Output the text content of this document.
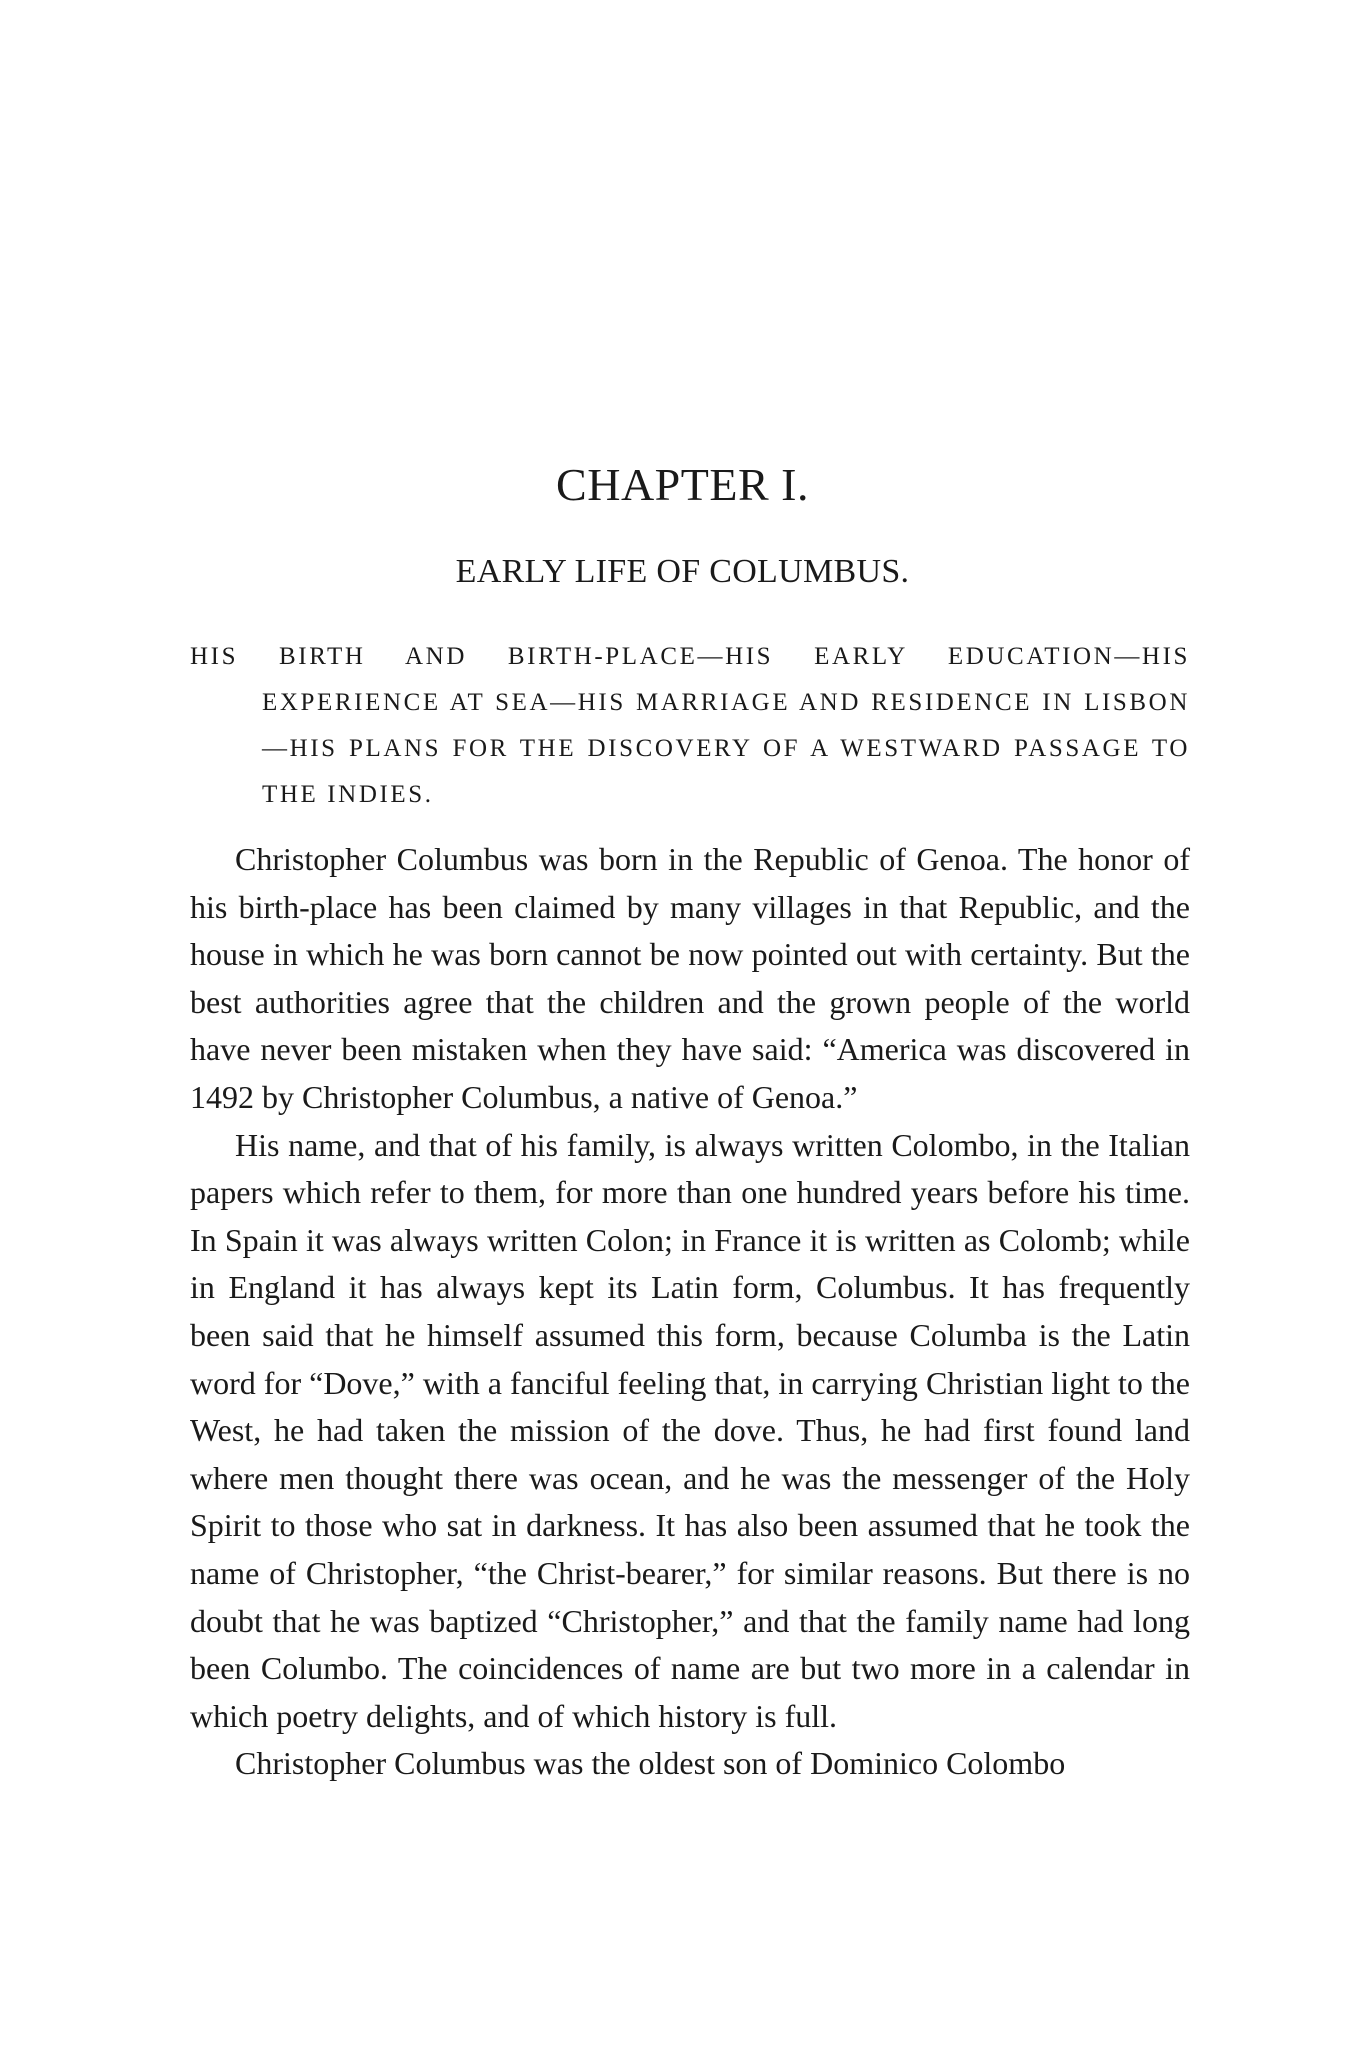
CHAPTER I.
EARLY LIFE OF COLUMBUS.

HIS BIRTH AND BIRTH-PLACE—HIS EARLY EDUCATION—HIS EXPERIENCE AT SEA—HIS MARRIAGE AND RESIDENCE IN LISBON—HIS PLANS FOR THE DISCOVERY OF A WESTWARD PASSAGE TO THE INDIES.

Christopher Columbus was born in the Republic of Genoa. The honor of his birth-place has been claimed by many villages in that Republic, and the house in which he was born cannot be now pointed out with certainty. But the best authorities agree that the children and the grown people of the world have never been mistaken when they have said: “America was discovered in 1492 by Christopher Columbus, a native of Genoa.”

His name, and that of his family, is always written Colombo, in the Italian papers which refer to them, for more than one hundred years before his time. In Spain it was always written Colon; in France it is written as Colomb; while in England it has always kept its Latin form, Columbus. It has frequently been said that he himself assumed this form, because Columba is the Latin word for “Dove,” with a fanciful feeling that, in carrying Christian light to the West, he had taken the mission of the dove. Thus, he had first found land where men thought there was ocean, and he was the messenger of the Holy Spirit to those who sat in darkness. It has also been assumed that he took the name of Christopher, “the Christ-bearer,” for similar reasons. But there is no doubt that he was baptized “Christopher,” and that the family name had long been Columbo. The coincidences of name are but two more in a calendar in which poetry delights, and of which history is full.

Christopher Columbus was the oldest son of Dominico Colombo
